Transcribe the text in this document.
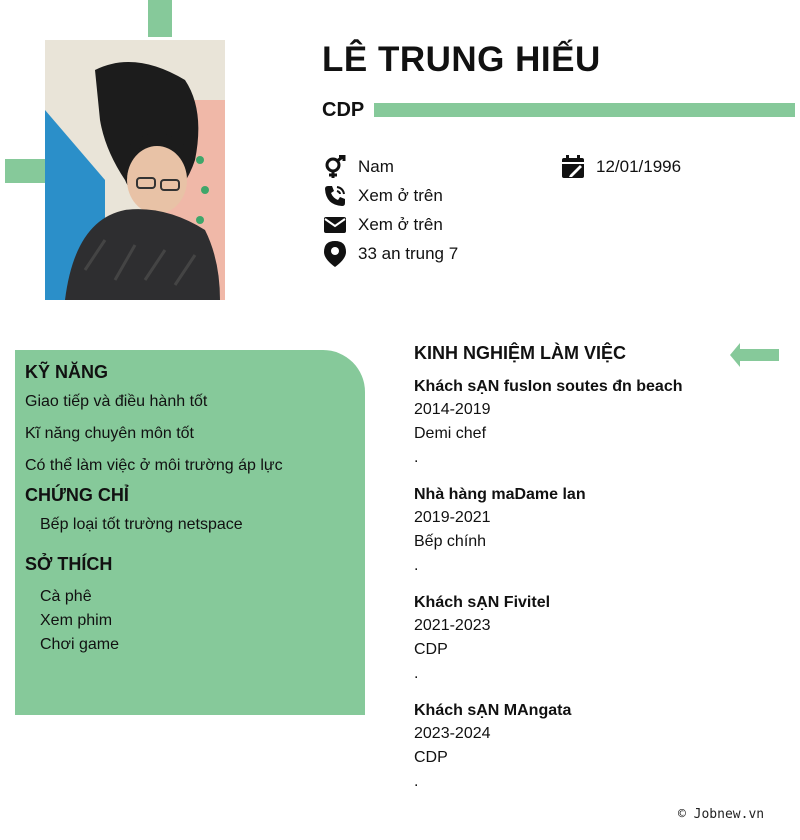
LÊ TRUNG HIẾU
CDP
Nam	12/01/1996
Xem ở trên
Xem ở trên
33 an trung 7
KỸ NĂNG
Giao tiếp và điều hành tốt
Kĩ năng chuyên môn tốt
Có thể làm việc ở môi trường áp lực
CHỨNG CHỈ
Bếp loại tốt trường netspace
SỞ THÍCH
Cà phê
Xem phim
Chơi game
KINH NGHIỆM LÀM VIỆC
Khách sẠN fusIon soutes đn beach
2014-2019
Demi chef
.
Nhà hàng maDame lan
2019-2021
Bếp chính
.
Khách sẠN Fivitel
2021-2023
CDP
.
Khách sẠN MAngata
2023-2024
CDP
.
© Jobnew.vn
